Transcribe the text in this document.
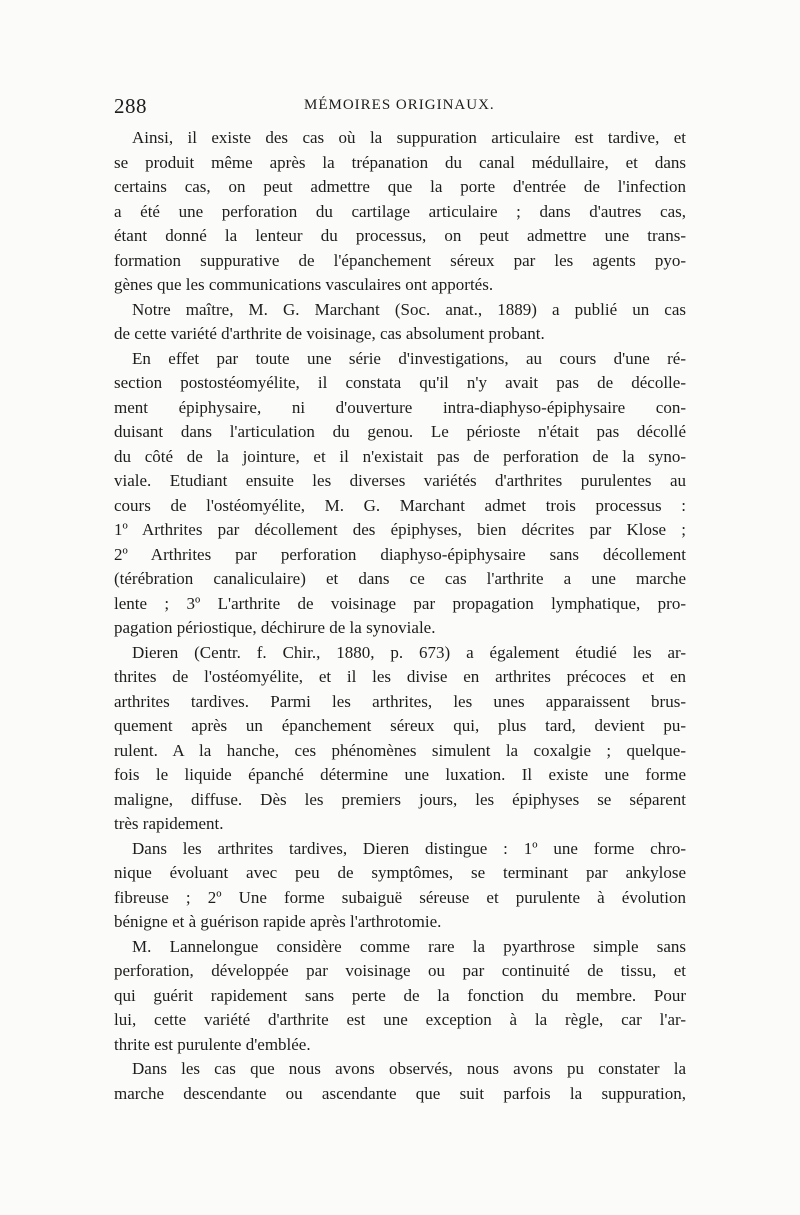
288	MÉMOIRES ORIGINAUX.

Ainsi, il existe des cas où la suppuration articulaire est tardive, et

se produit même après la trépanation du canal médullaire, et dans

certains cas, on peut admettre que la porte d'entrée de l'infection

a été une perforation du cartilage articulaire ; dans d'autres cas,

étant donné la lenteur du processus, on peut admettre une trans-

formation suppurative de l'épanchement séreux par les agents pyo-

gènes que les communications vasculaires ont apportés.

Notre maître, M. G. Marchant (Soc. anat., 1889) a publié un cas

de cette variété d'arthrite de voisinage, cas absolument probant.

En effet par toute une série d'investigations, au cours d'une ré-

section postostéomyélite, il constata qu'il n'y avait pas de décolle-

ment épiphysaire, ni d'ouverture intra-diaphyso-épiphysaire con-

duisant dans l'articulation du genou. Le périoste n'était pas décollé

du côté de la jointure, et il n'existait pas de perforation de la syno-

viale. Etudiant ensuite les diverses variétés d'arthrites purulentes au

cours de l'ostéomyélite, M. G. Marchant admet trois processus :

1º Arthrites par décollement des épiphyses, bien décrites par Klose ;

2º Arthrites par perforation diaphyso-épiphysaire sans décollement

(térébration canaliculaire) et dans ce cas l'arthrite a une marche

lente ; 3º L'arthrite de voisinage par propagation lymphatique, pro-

pagation périostique, déchirure de la synoviale.

Dieren (Centr. f. Chir., 1880, p. 673) a également étudié les ar-

thrites de l'ostéomyélite, et il les divise en arthrites précoces et en

arthrites tardives. Parmi les arthrites, les unes apparaissent brus-

quement après un épanchement séreux qui, plus tard, devient pu-

rulent. A la hanche, ces phénomènes simulent la coxalgie ; quelque-

fois le liquide épanché détermine une luxation. Il existe une forme

maligne, diffuse. Dès les premiers jours, les épiphyses se séparent

très rapidement.

Dans les arthrites tardives, Dieren distingue : 1º une forme chro-

nique évoluant avec peu de symptômes, se terminant par ankylose

fibreuse ; 2º Une forme subaiguë séreuse et purulente à évolution

bénigne et à guérison rapide après l'arthrotomie.

M. Lannelongue considère comme rare la pyarthrose simple sans

perforation, développée par voisinage ou par continuité de tissu, et

qui guérit rapidement sans perte de la fonction du membre. Pour

lui, cette variété d'arthrite est une exception à la règle, car l'ar-

thrite est purulente d'emblée.

Dans les cas que nous avons observés, nous avons pu constater la

marche descendante ou ascendante que suit parfois la suppuration,
